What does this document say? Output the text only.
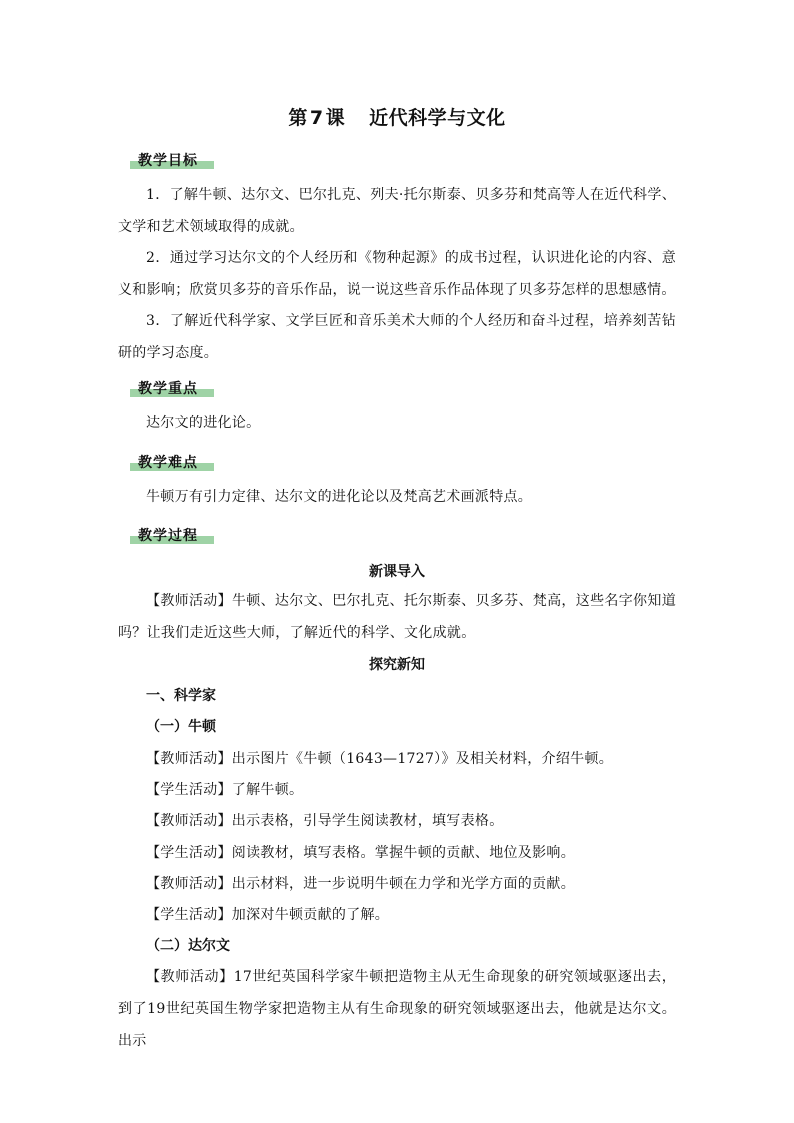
第 7 课 近代科学与文化
教学目标
1．了解牛顿、达尔文、巴尔扎克、列夫·托尔斯泰、贝多芬和梵高等人在近代科学、文学和艺术领域取得的成就。
2．通过学习达尔文的个人经历和《物种起源》的成书过程，认识进化论的内容、意义和影响；欣赏贝多芬的音乐作品，说一说这些音乐作品体现了贝多芬怎样的思想感情。
3．了解近代科学家、文学巨匠和音乐美术大师的个人经历和奋斗过程，培养刻苦钻研的学习态度。
教学重点
达尔文的进化论。
教学难点
牛顿万有引力定律、达尔文的进化论以及梵高艺术画派特点。
教学过程
新课导入
【教师活动】牛顿、达尔文、巴尔扎克、托尔斯泰、贝多芬、梵高，这些名字你知道吗？让我们走近这些大师，了解近代的科学、文化成就。
探究新知
一、科学家
（一）牛顿
【教师活动】出示图片《牛顿（1643—1727）》及相关材料，介绍牛顿。
【学生活动】了解牛顿。
【教师活动】出示表格，引导学生阅读教材，填写表格。
【学生活动】阅读教材，填写表格。掌握牛顿的贡献、地位及影响。
【教师活动】出示材料，进一步说明牛顿在力学和光学方面的贡献。
【学生活动】加深对牛顿贡献的了解。
（二）达尔文
【教师活动】17世纪英国科学家牛顿把造物主从无生命现象的研究领域驱逐出去，到了19世纪英国生物学家把造物主从有生命现象的研究领域驱逐出去，他就是达尔文。出示
